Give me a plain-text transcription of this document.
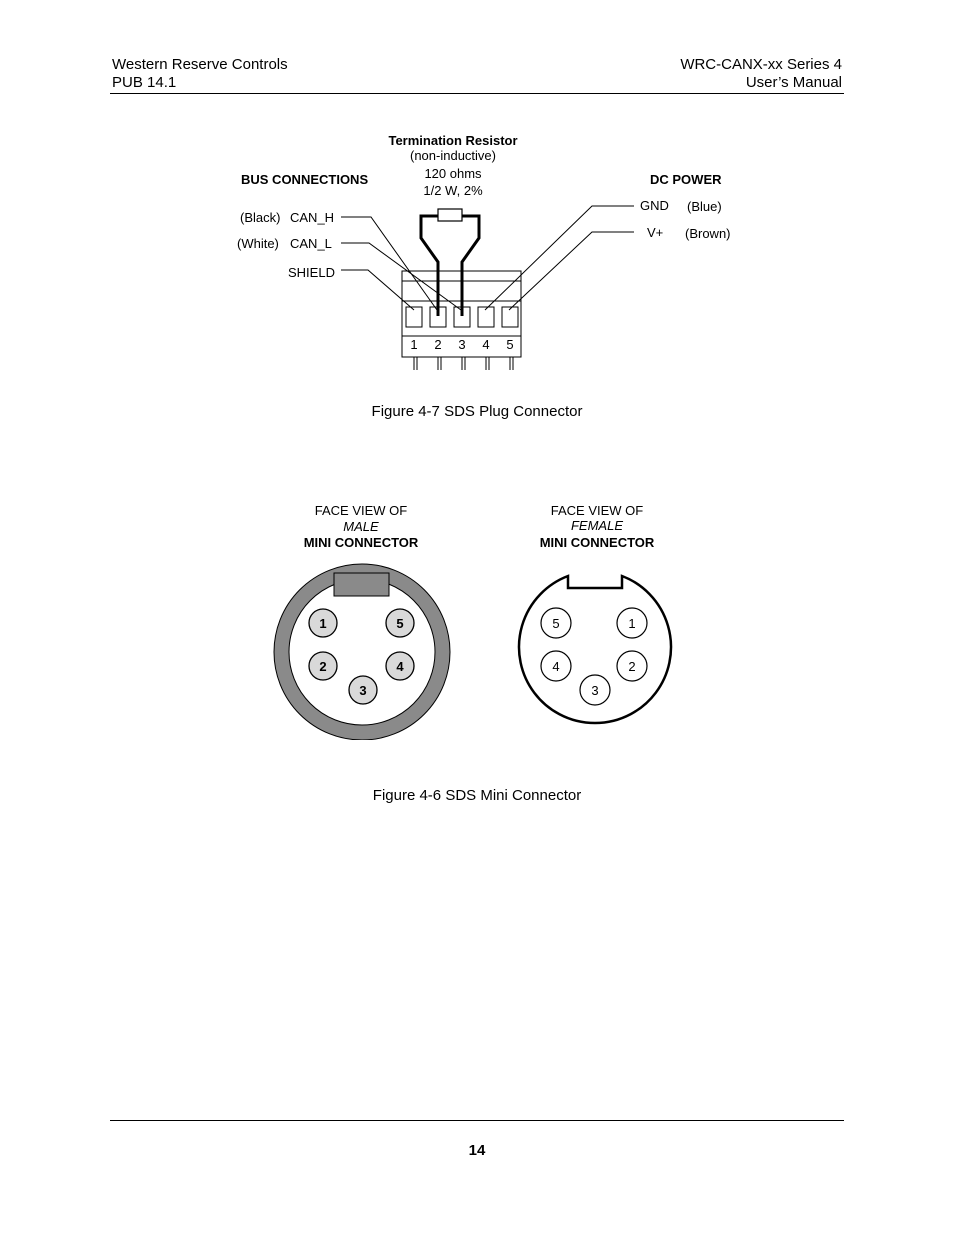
Western Reserve Controls
PUB 14.1
WRC-CANX-xx Series 4
User’s Manual
Termination Resistor
(non-inductive)
120 ohms
1/2 W, 2%
BUS CONNECTIONS	DC POWER
(Black) CAN_H
(White) CAN_L
SHIELD
GND (Blue)
V+ (Brown)
1 2 3 4 5
Figure 4-7 SDS Plug Connector
FACE VIEW OF
MALE
MINI CONNECTOR
FACE VIEW OF
FEMALE
MINI CONNECTOR
1	5
2	4
3
5	1
4	2
3
Figure 4-6 SDS Mini Connector
14
